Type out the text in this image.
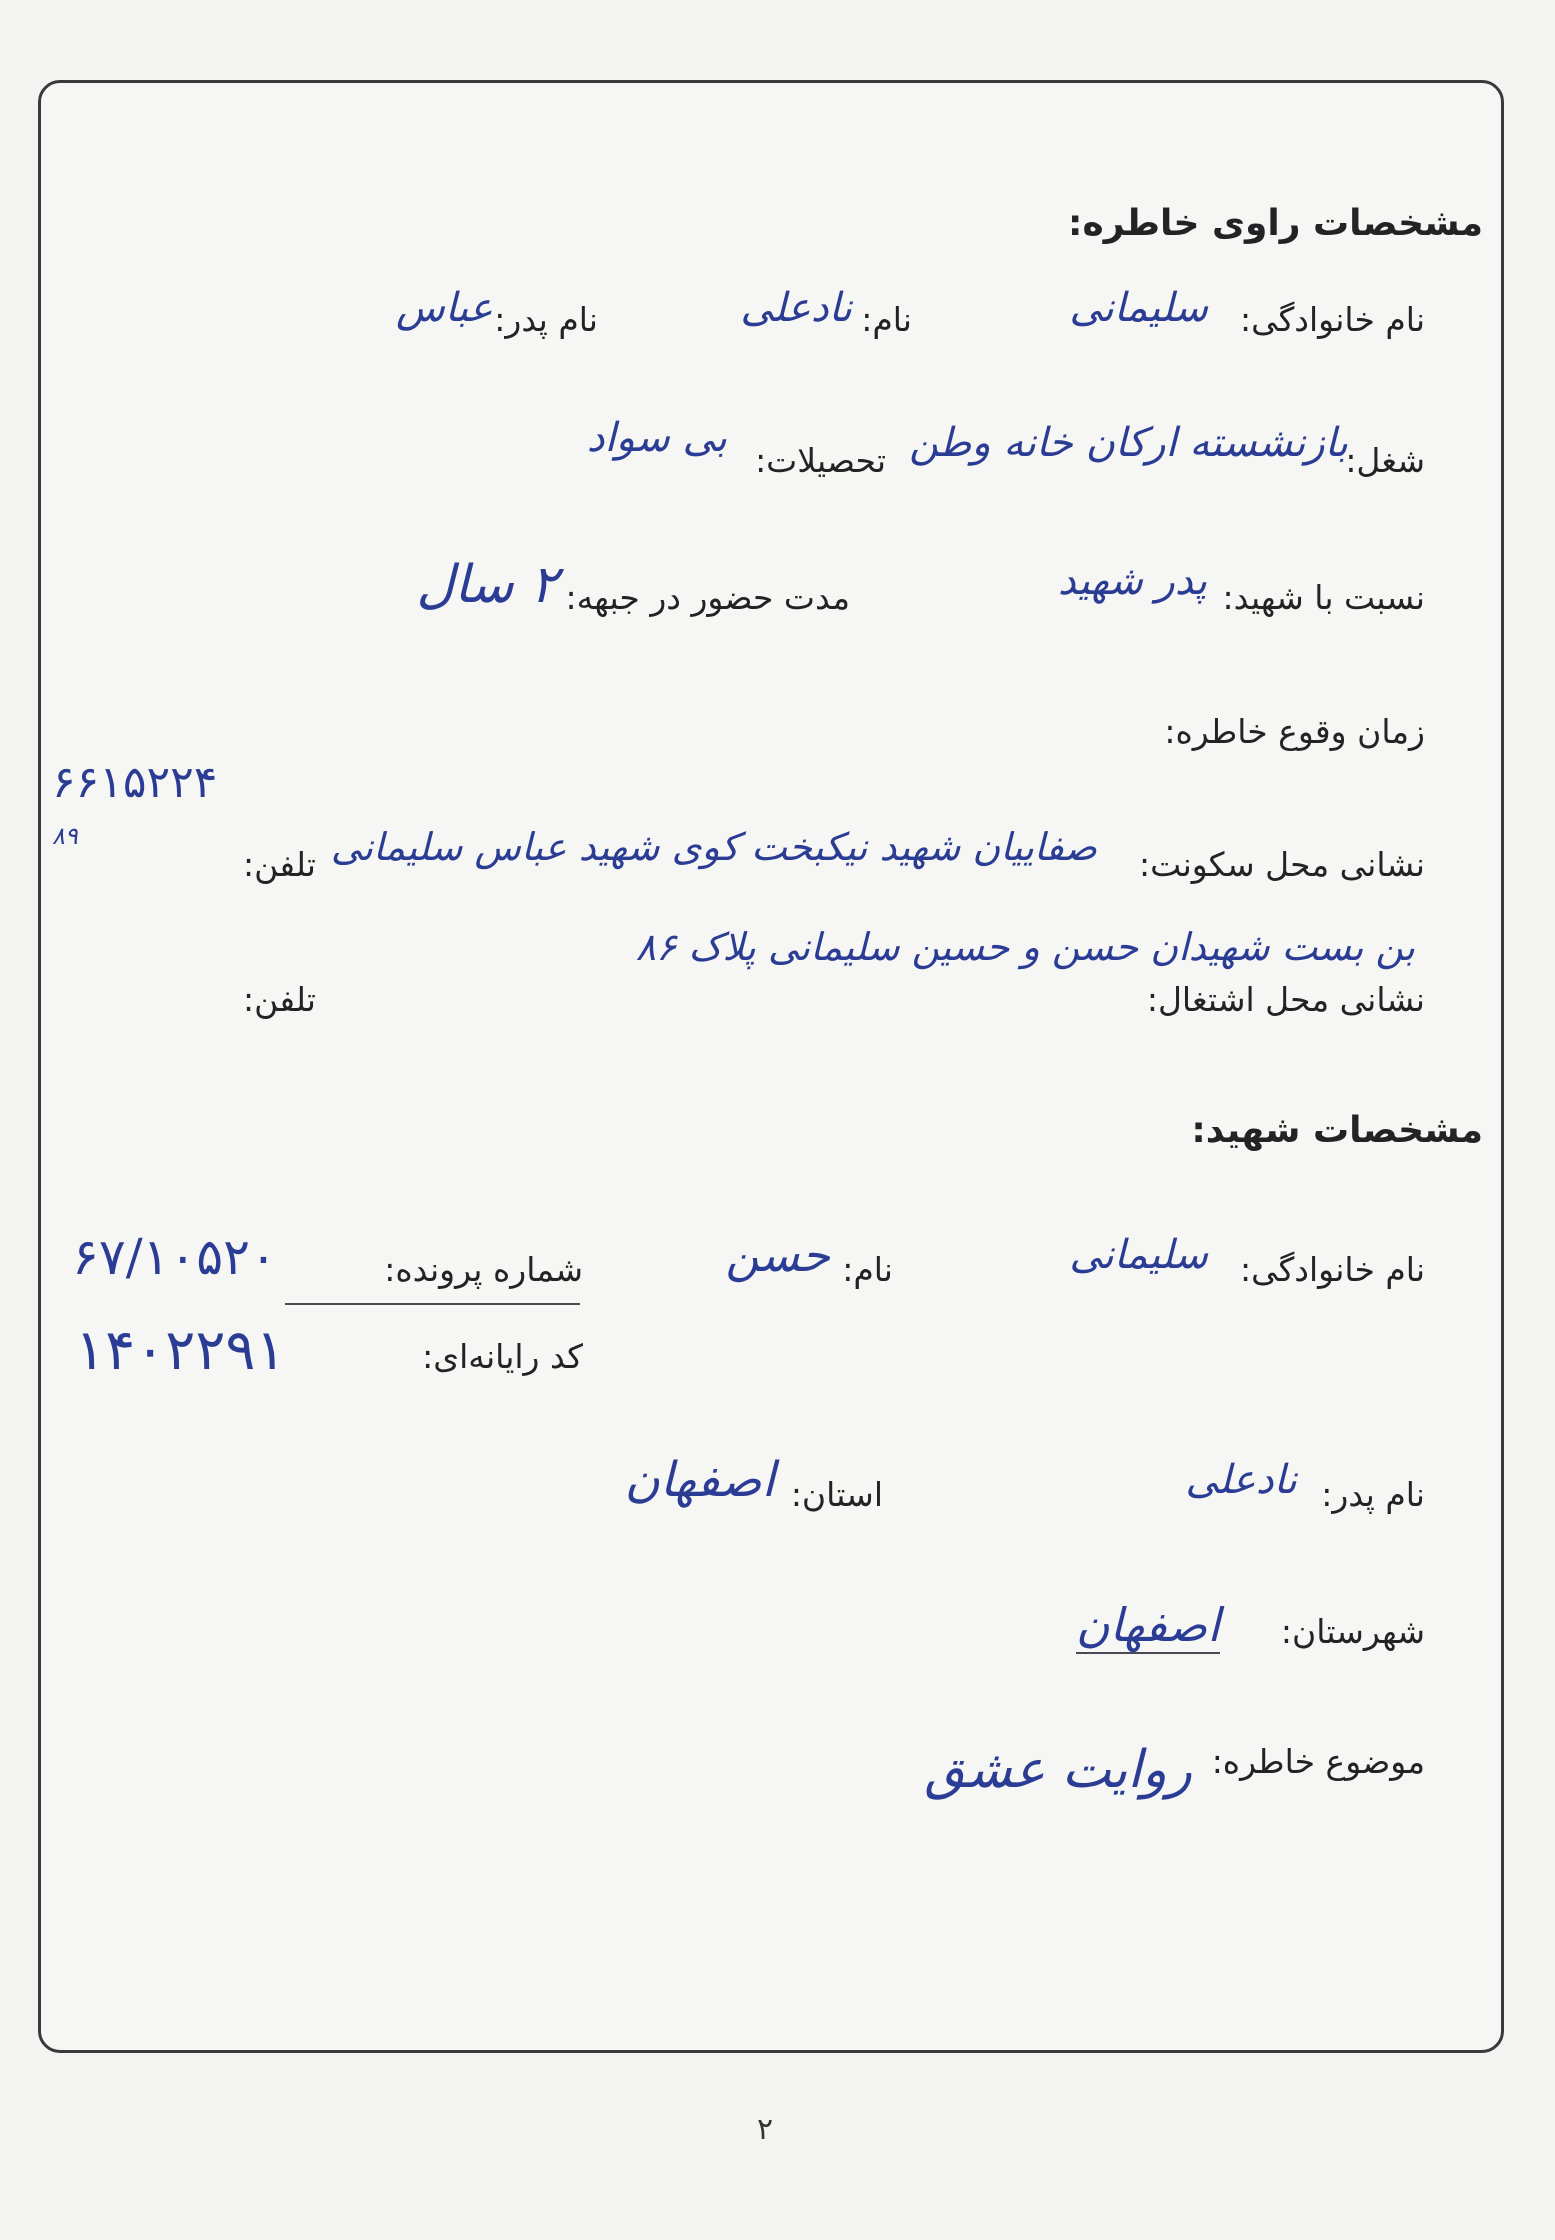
مشخصات راوی خاطره:
نام خانوادگی:
سلیمانی
نام:
نادعلی
نام پدر:
عباس
شغل:
بازنشسته ارکان خانه وطن
تحصیلات:
بی سواد
نسبت با شهید:
پدر شهید
مدت حضور در جبهه:
۲ سال
زمان وقوع خاطره:
۶۶۱۵۲۲۴
۸۹
نشانی محل سکونت:
صفاییان شهید نیکبخت کوی شهید عباس سلیمانی
تلفن:
بن بست شهیدان حسن و حسین سلیمانی پلاک ۸۶
نشانی محل اشتغال:
تلفن:
مشخصات شهید:
نام خانوادگی:
سلیمانی
نام:
حسن
شماره پرونده:
۶۷/۱۰۵۲۰
کد رایانه‌ای:
۱۴۰۲۲۹۱
نام پدر:
نادعلی
استان:
اصفهان
شهرستان:
اصفهان
موضوع خاطره:
روایت عشق
۲
